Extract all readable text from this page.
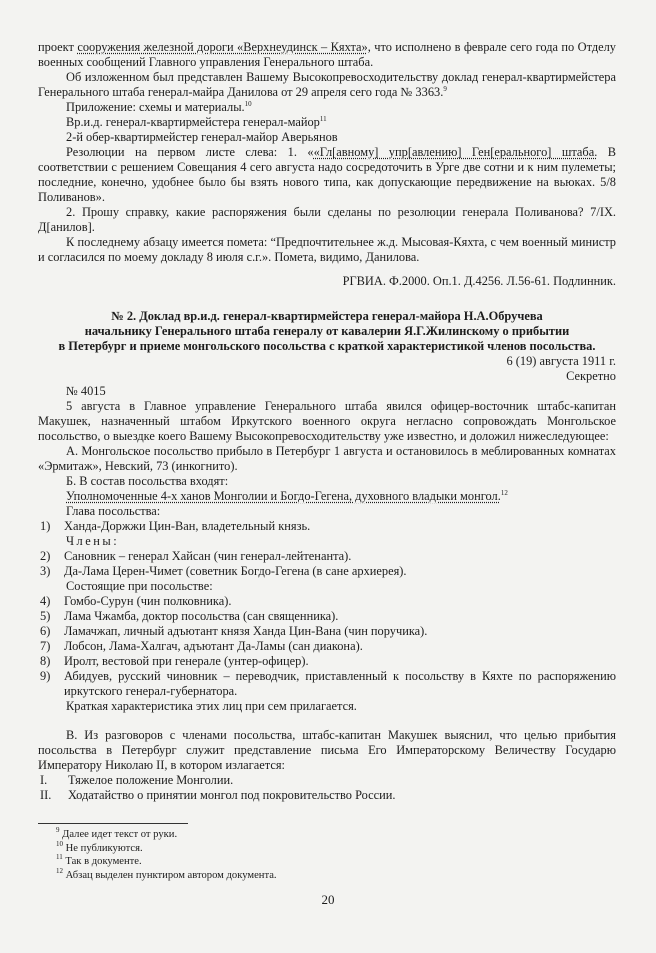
проект сооружения железной дороги «Верхнеудинск – Кяхта», что исполнено в феврале сего года по Отделу военных сообщений Главного управления Генерального штаба.

Об изложенном был представлен Вашему Высокопревосходительству доклад генерал-квартирмейстера Генерального штаба генерал-майра Данилова от 29 апреля сего года № 3363.$^9$

Приложение: схемы и материалы.$^{10}$

Вр.и.д. генерал-квартирмейстера генерал-майор$^{11}$

2-й обер-квартирмейстер генерал-майор Аверьянов

Резолюции на первом листе слева: 1. ««Гл[авному] упр[авлению] Ген[ерального] штаба. В соответствии с решением Совещания 4 сего августа надо сосредоточить в Урге две сотни и к ним пулеметы; последние, конечно, удобнее было бы взять нового типа, как допускающие передвижение на вьюках. 5/8 Поливанов».

2. Прошу справку, какие распоряжения были сделаны по резолюции генерала Поливанова? 7/IX. Д[анилов].

К последнему абзацу имеется помета: “Предпочтительнее ж.д. Мысовая-Кяхта, с чем военный министр и согласился по моему докладу 8 июля с.г.». Помета, видимо, Данилова.

РГВИА. Ф.2000. Оп.1. Д.4256. Л.56-61. Подлинник.

№ 2. Доклад вр.и.д. генерал-квартирмейстера генерал-майора Н.А.Обручева

начальнику Генерального штаба генералу от кавалерии Я.Г.Жилинскому о прибытии

в Петербург и приеме монгольского посольства с краткой характеристикой членов посольства.

6 (19) августа 1911 г.

Секретно

№ 4015

5 августа в Главное управление Генерального штаба явился офицер-восточник штабс-капитан Макушек, назначенный штабом Иркутского военного округа негласно сопровождать Монгольское посольство, о выездке коего Вашему Высокопревосходительству уже известно, и доложил нижеследующее:

А. Монгольское посольство прибыло в Петербург 1 августа и остановилось в меблированных комнатах «Эрмитаж», Невский, 73 (инкогнито).

Б. В состав посольства входят:

Уполномоченные 4-х ханов Монголии и Богдо-Гегена, духовного владыки монгол.$^{12}$

Глава посольства:

1)	Ханда-Доржжи Цин-Ван, владетельный князь.

Члены:

2)	Сановник – генерал Хайсан (чин генерал-лейтенанта).
3)	Да-Лама Церен-Чимет (советник Богдо-Гегена (в сане архиерея).

Состоящие при посольстве:

4)	Гомбо-Сурун (чин полковника).
5)	Лама Чжамба, доктор посольства (сан священника).
6)	Ламачжап, личный адъютант князя Ханда Цин-Вана (чин поручика).
7)	Лобсон, Лама-Халгач, адъютант Да-Ламы (сан диакона).
8)	Иролт, вестовой при генерале (унтер-офицер).
9)	Абидуев, русский чиновник – переводчик, приставленный к посольству в Кяхте по распоряжению иркутского генерал-губернатора.

Краткая характеристика этих лиц при сем прилагается.

В. Из разговоров с членами посольства, штабс-капитан Макушек выяснил, что целью прибытия посольства в Петербург служит представление письма Его Императорскому Величеству Государю Императору Николаю II, в котором излагается:

I.	Тяжелое положение Монголии.
II.	Ходатайство о принятии монгол под покровительство России.

$^9$ Далее идет текст от руки.

$^{10}$ Не публикуются.

$^{11}$ Так в документе.

$^{12}$ Абзац выделен пунктиром автором документа.

20
